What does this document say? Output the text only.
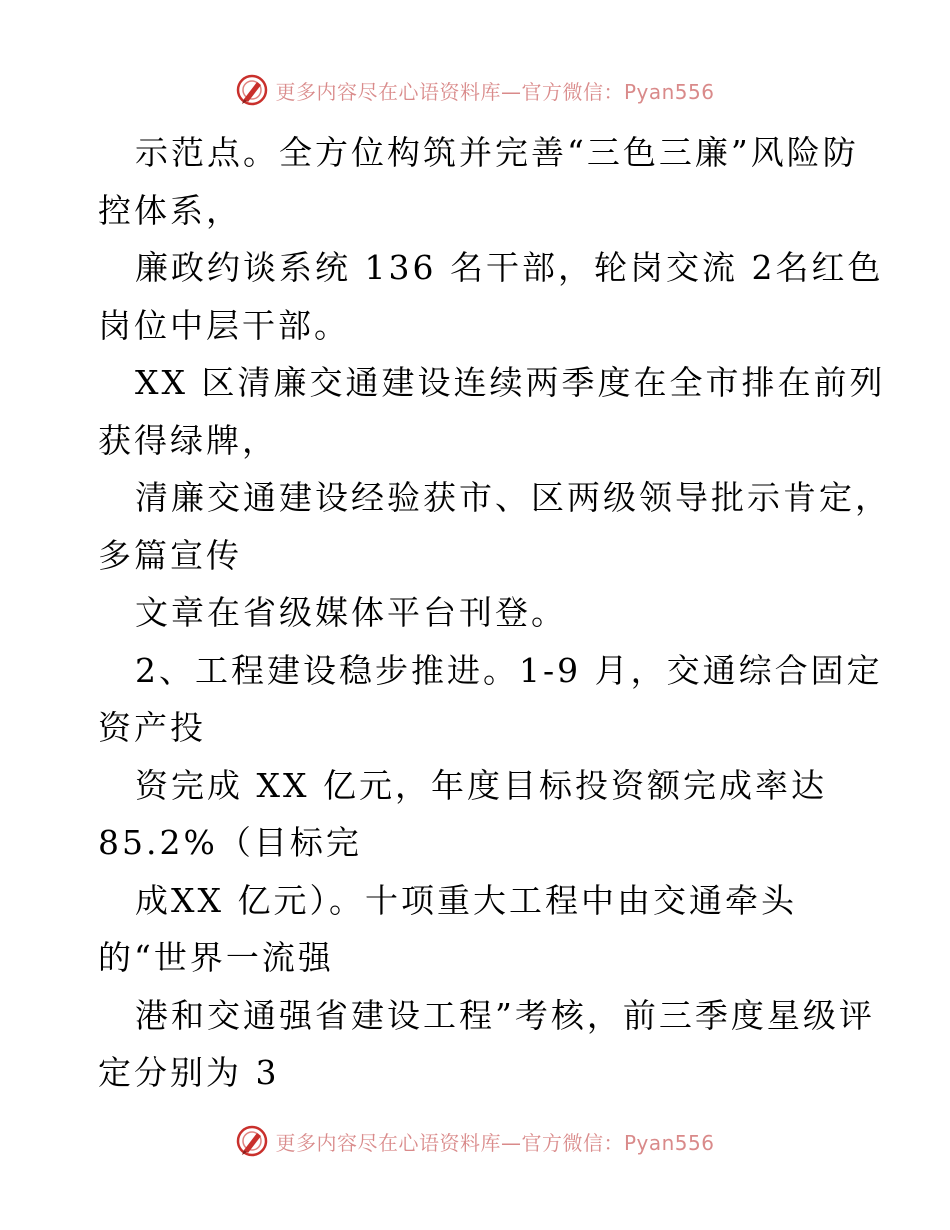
更多内容尽在心语资料库—官方微信：Pyan556
示范点。全方位构筑并完善“三色三廉”风险防
控体系，
廉政约谈系统 136 名干部，轮岗交流 2名红色
岗位中层干部。
XX 区清廉交通建设连续两季度在全市排在前列
获得绿牌，
清廉交通建设经验获市、区两级领导批示肯定，
多篇宣传
文章在省级媒体平台刊登。
2、工程建设稳步推进。1-9 月，交通综合固定
资产投
资完成 XX 亿元，年度目标投资额完成率达
85.2%（目标完
成XX 亿元）。十项重大工程中由交通牵头
的“世界一流强
港和交通强省建设工程”考核，前三季度星级评
定分别为 3
更多内容尽在心语资料库—官方微信：Pyan556
